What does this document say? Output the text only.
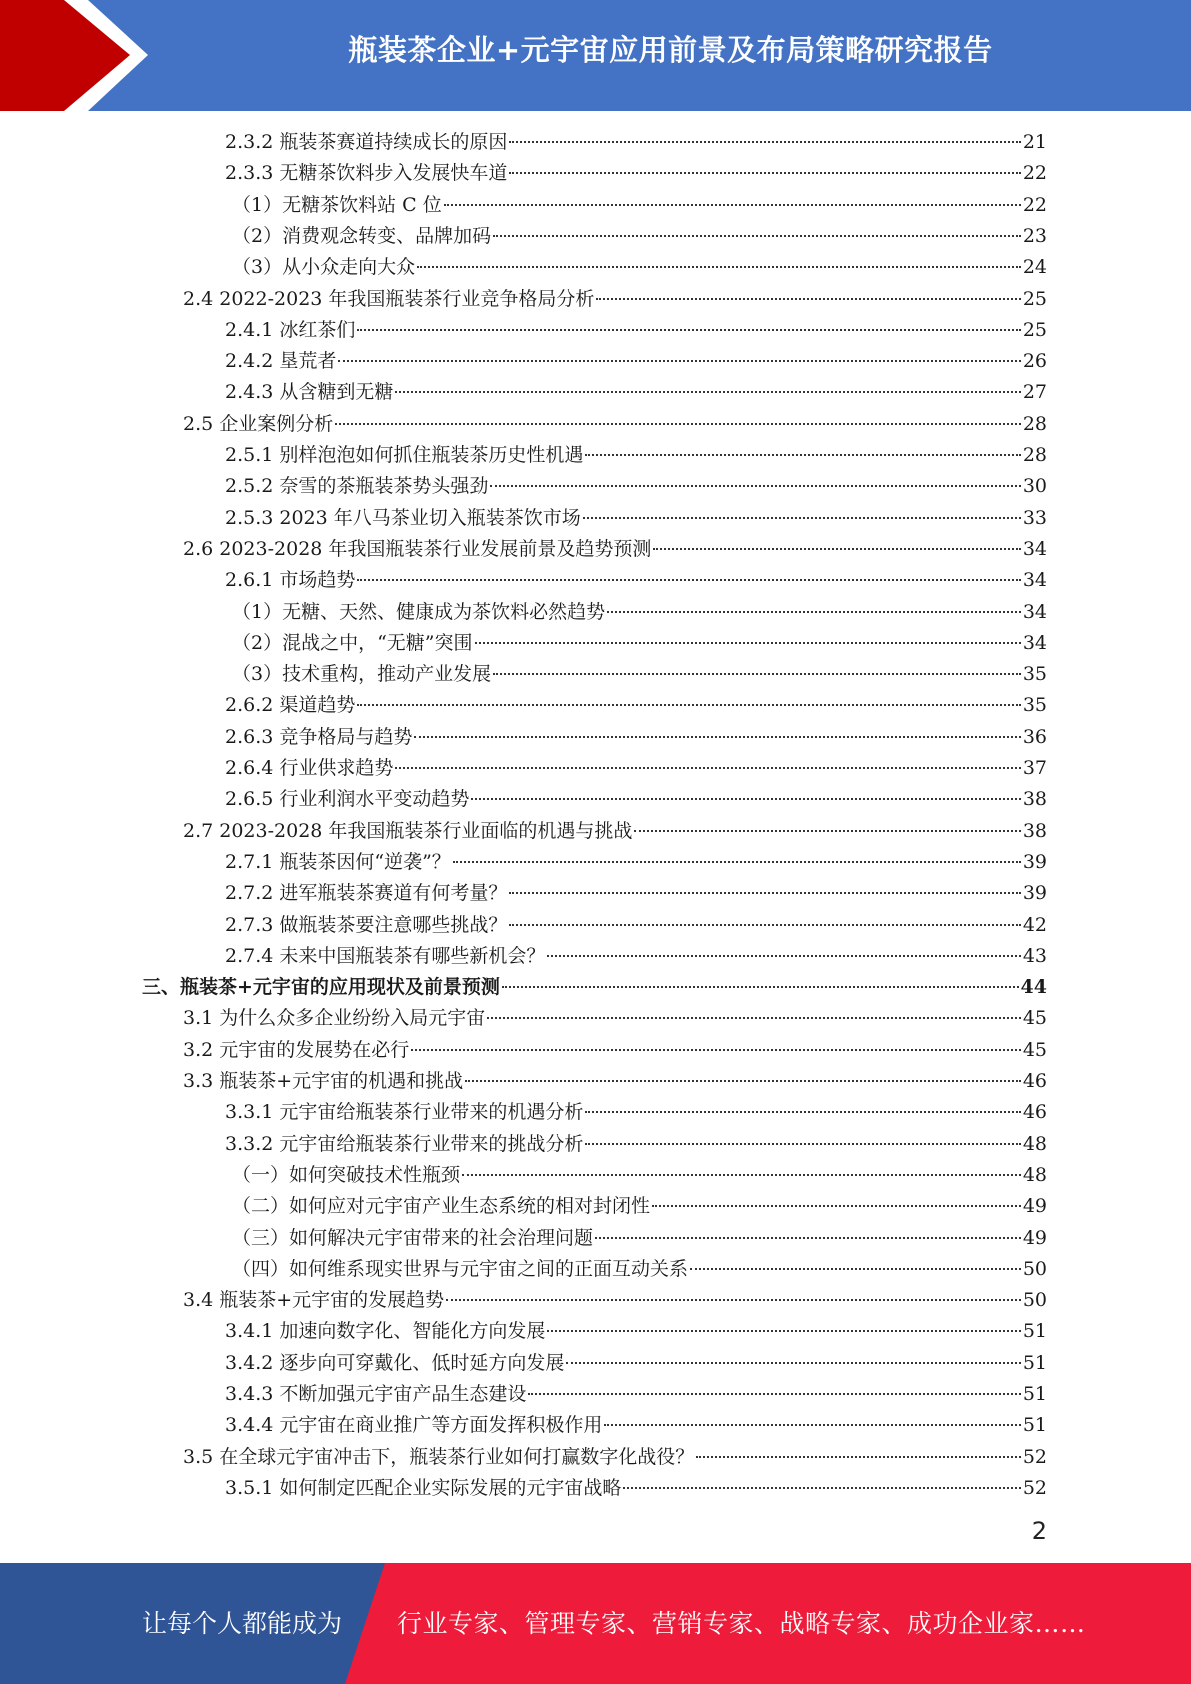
瓶装茶企业+元宇宙应用前景及布局策略研究报告
2.3.2 瓶装茶赛道持续成长的原因	21
2.3.3 无糖茶饮料步入发展快车道	22
（1）无糖茶饮料站 C 位	22
（2）消费观念转变、品牌加码	23
（3）从小众走向大众	24
2.4 2022-2023 年我国瓶装茶行业竞争格局分析	25
2.4.1 冰红茶们	25
2.4.2 垦荒者	26
2.4.3 从含糖到无糖	27
2.5 企业案例分析	28
2.5.1 别样泡泡如何抓住瓶装茶历史性机遇	28
2.5.2 奈雪的茶瓶装茶势头强劲	30
2.5.3 2023 年八马茶业切入瓶装茶饮市场	33
2.6 2023-2028 年我国瓶装茶行业发展前景及趋势预测	34
2.6.1 市场趋势	34
（1）无糖、天然、健康成为茶饮料必然趋势	34
（2）混战之中，“无糖”突围	34
（3）技术重构，推动产业发展	35
2.6.2 渠道趋势	35
2.6.3 竞争格局与趋势	36
2.6.4 行业供求趋势	37
2.6.5 行业利润水平变动趋势	38
2.7 2023-2028 年我国瓶装茶行业面临的机遇与挑战	38
2.7.1 瓶装茶因何“逆袭”？	39
2.7.2 进军瓶装茶赛道有何考量？	39
2.7.3 做瓶装茶要注意哪些挑战？	42
2.7.4 未来中国瓶装茶有哪些新机会？	43
三、瓶装茶+元宇宙的应用现状及前景预测	44
3.1 为什么众多企业纷纷入局元宇宙	45
3.2 元宇宙的发展势在必行	45
3.3 瓶装茶+元宇宙的机遇和挑战	46
3.3.1 元宇宙给瓶装茶行业带来的机遇分析	46
3.3.2 元宇宙给瓶装茶行业带来的挑战分析	48
（一）如何突破技术性瓶颈	48
（二）如何应对元宇宙产业生态系统的相对封闭性	49
（三）如何解决元宇宙带来的社会治理问题	49
（四）如何维系现实世界与元宇宙之间的正面互动关系	50
3.4 瓶装茶+元宇宙的发展趋势	50
3.4.1 加速向数字化、智能化方向发展	51
3.4.2 逐步向可穿戴化、低时延方向发展	51
3.4.3 不断加强元宇宙产品生态建设	51
3.4.4 元宇宙在商业推广等方面发挥积极作用	51
3.5 在全球元宇宙冲击下，瓶装茶行业如何打赢数字化战役？	52
3.5.1 如何制定匹配企业实际发展的元宇宙战略	52
2
让每个人都能成为 行业专家、管理专家、营销专家、战略专家、成功企业家……
